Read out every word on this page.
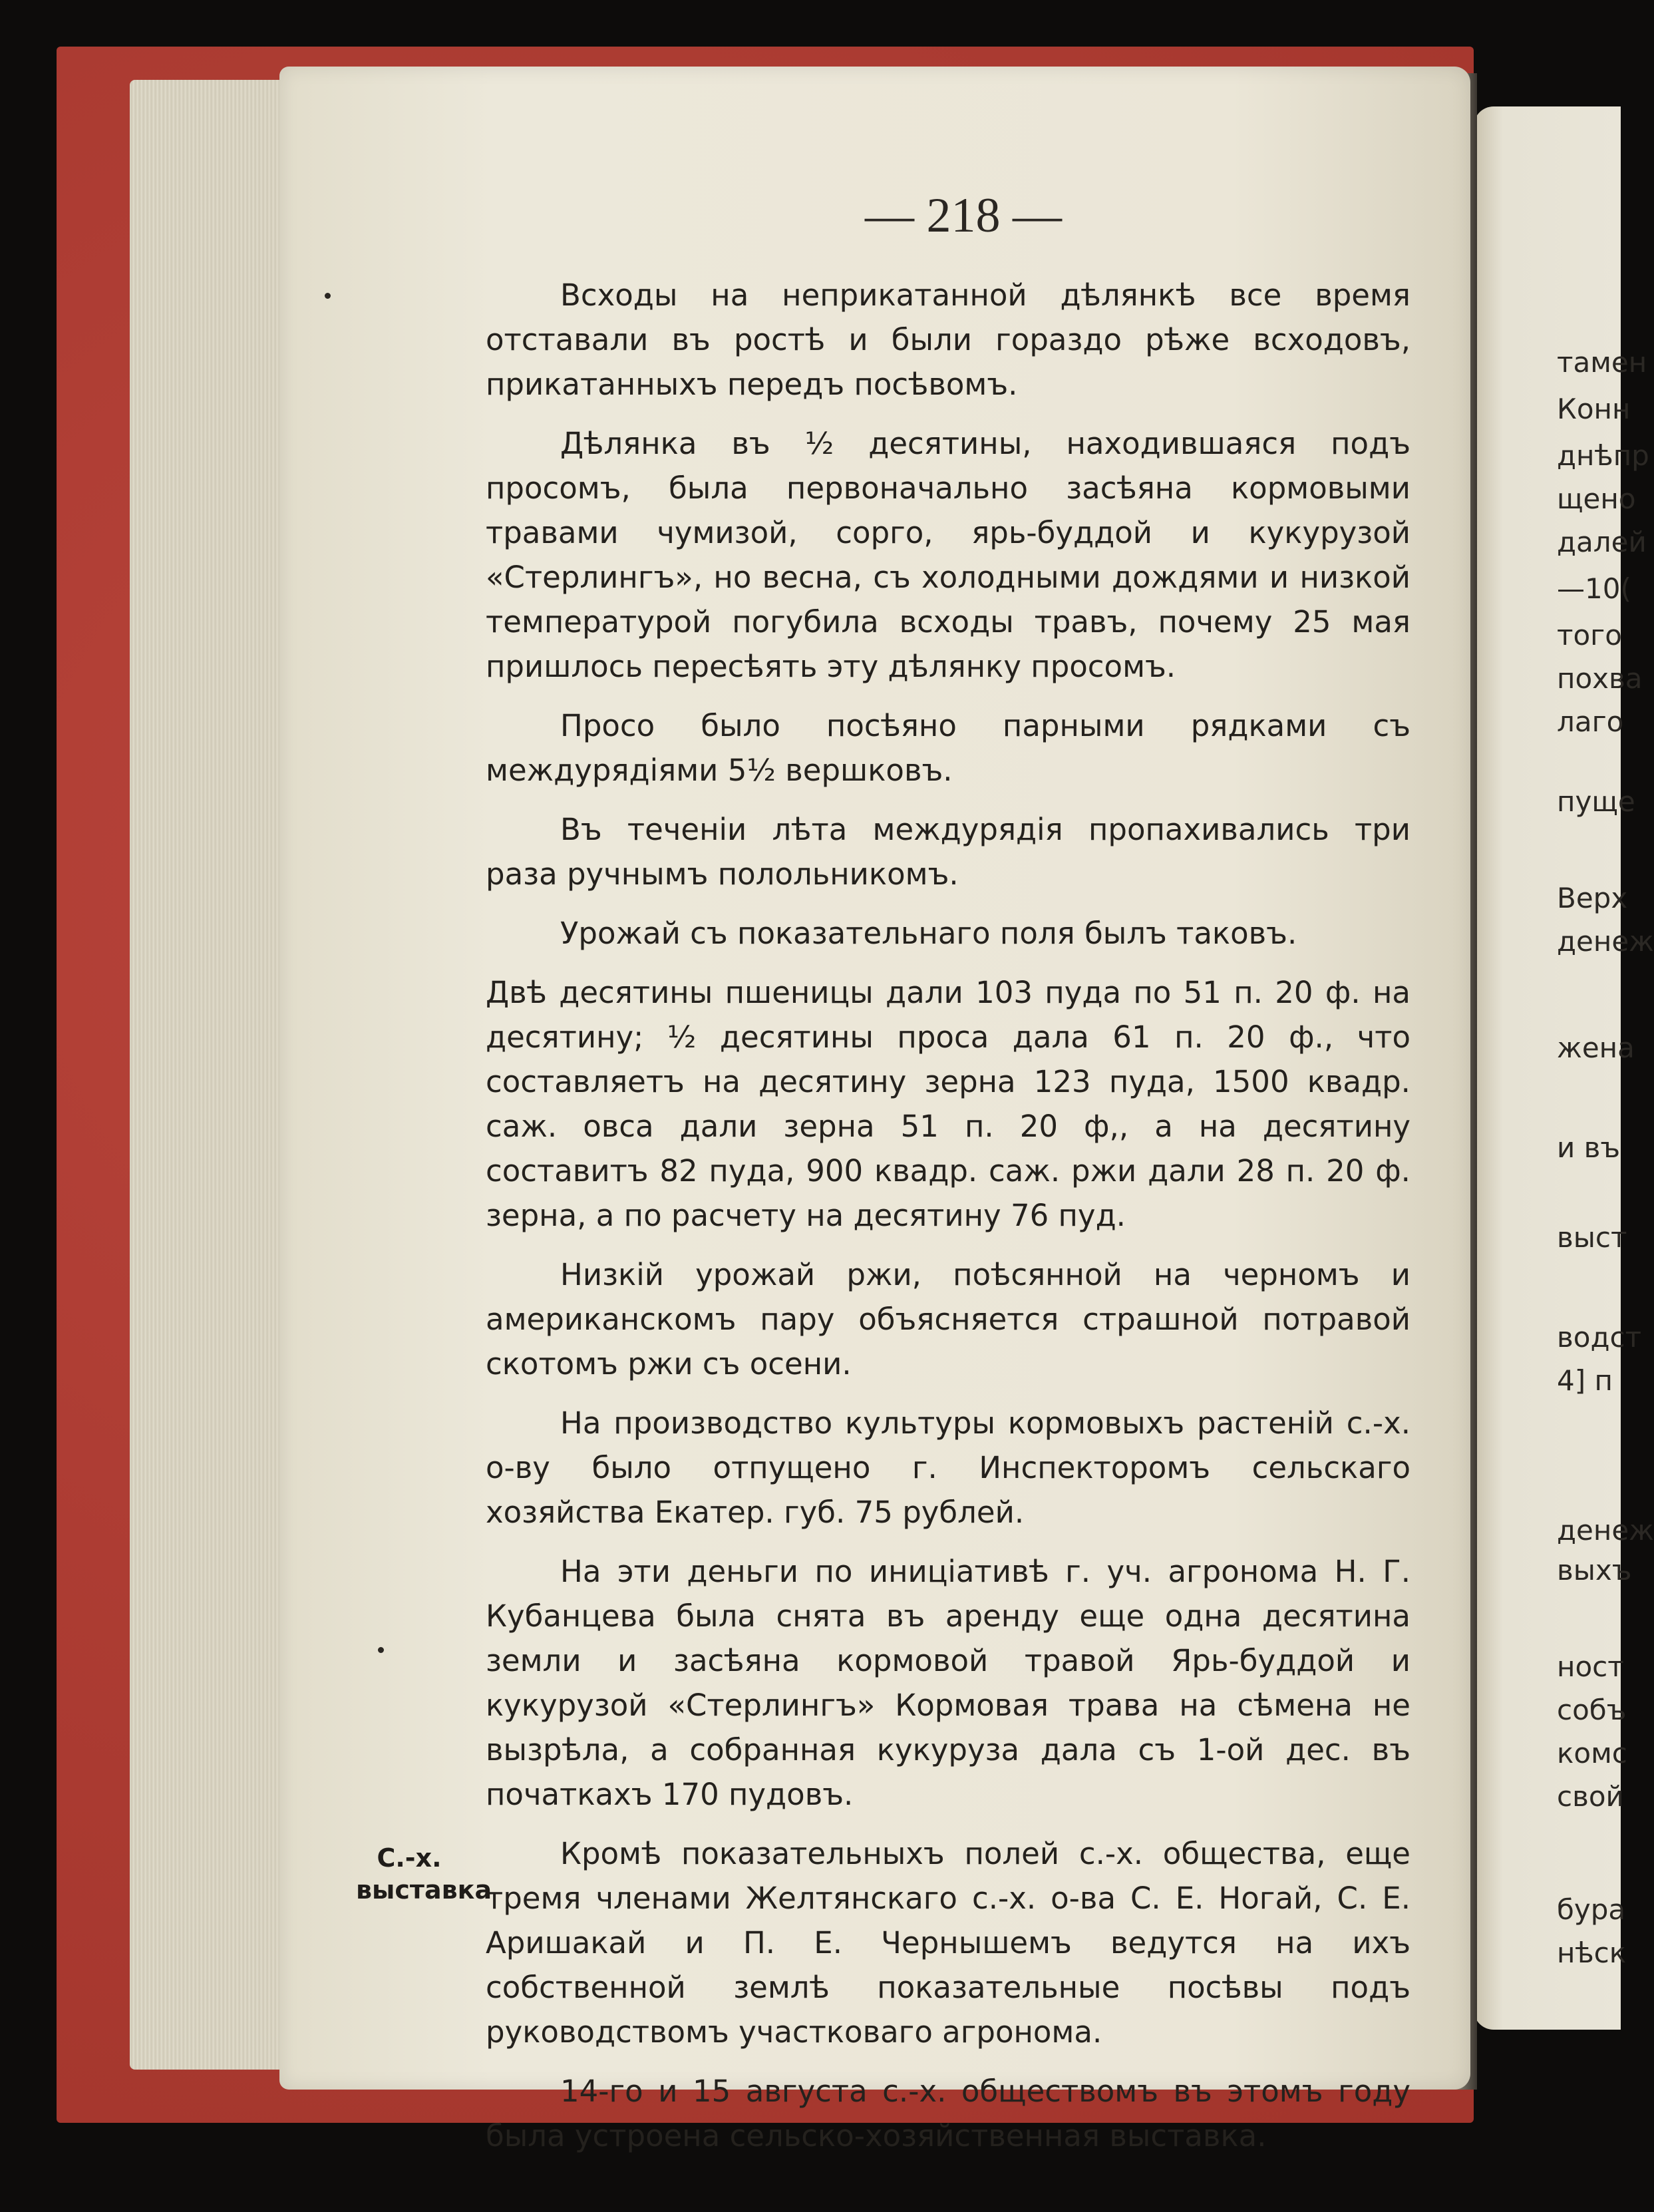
— 218 —

Всходы на неприкатанной дѣлянкѣ все время отставали въ ростѣ и были гораздо рѣже всходовъ, прикатанныхъ передъ посѣвомъ.

Дѣлянка въ ½ десятины, находившаяся подъ просомъ, была первоначально засѣяна кормовыми травами чумизой, сорго, ярь-буддой и кукурузой «Стерлингъ», но весна, съ холодными дождями и низкой температурой погубила всходы травъ, почему 25 мая пришлось пересѣять эту дѣлянку просомъ.

Просо было посѣяно парными рядками съ междурядіями 5½ вершковъ.

Въ теченіи лѣта междурядія пропахивались три раза ручнымъ полольникомъ.

Урожай съ показательнаго поля былъ таковъ.

Двѣ десятины пшеницы дали 103 пуда по 51 п. 20 ф. на десятину; ½ десятины проса дала 61 п. 20 ф., что составляетъ на десятину зерна 123 пуда, 1500 квадр. саж. овса дали зерна 51 п. 20 ф,, а на десятину составитъ 82 пуда, 900 квадр. саж. ржи дали 28 п. 20 ф. зерна, а по расчету на десятину 76 пуд.

Низкій урожай ржи, поѣсянной на черномъ и американскомъ пару объясняется страшной потравой скотомъ ржи съ осени.

На производство культуры кормовыхъ растеній с.-х. о-ву было отпущено г. Инспекторомъ сельскаго хозяйства Екатер. губ. 75 рублей.

На эти деньги по иниціативѣ г. уч. агронома Н. Г. Кубанцева была снята въ аренду еще одна десятина земли и засѣяна кормовой травой Ярь-буддой и кукурузой «Стерлингъ» Кормовая трава на сѣмена не вызрѣла, а собранная кукуруза дала съ 1-ой дес. въ початкахъ 170 пудовъ.

Кромѣ показательныхъ полей с.-х. общества, еще тремя членами Желтянскаго с.-х. о-ва С. Е. Ногай, С. Е. Аришакай и П. Е. Чернышемъ ведутся на ихъ собственной землѣ показательные посѣвы подъ руководствомъ участковаго агронома.

14-го и 15 августа с.-х. обществомъ въ этомъ году была устроена сельско-хозяйственная выставка.

С.-х. выставка
тамен
Конн
днѣпр
щено
далей
—10(
того
похва
лаго
пуще
Верх
денеж
жена
и въ
выст
водст
4] п
денеж
выхъ
ност
собъ
комс
свой
бура
нѣск
